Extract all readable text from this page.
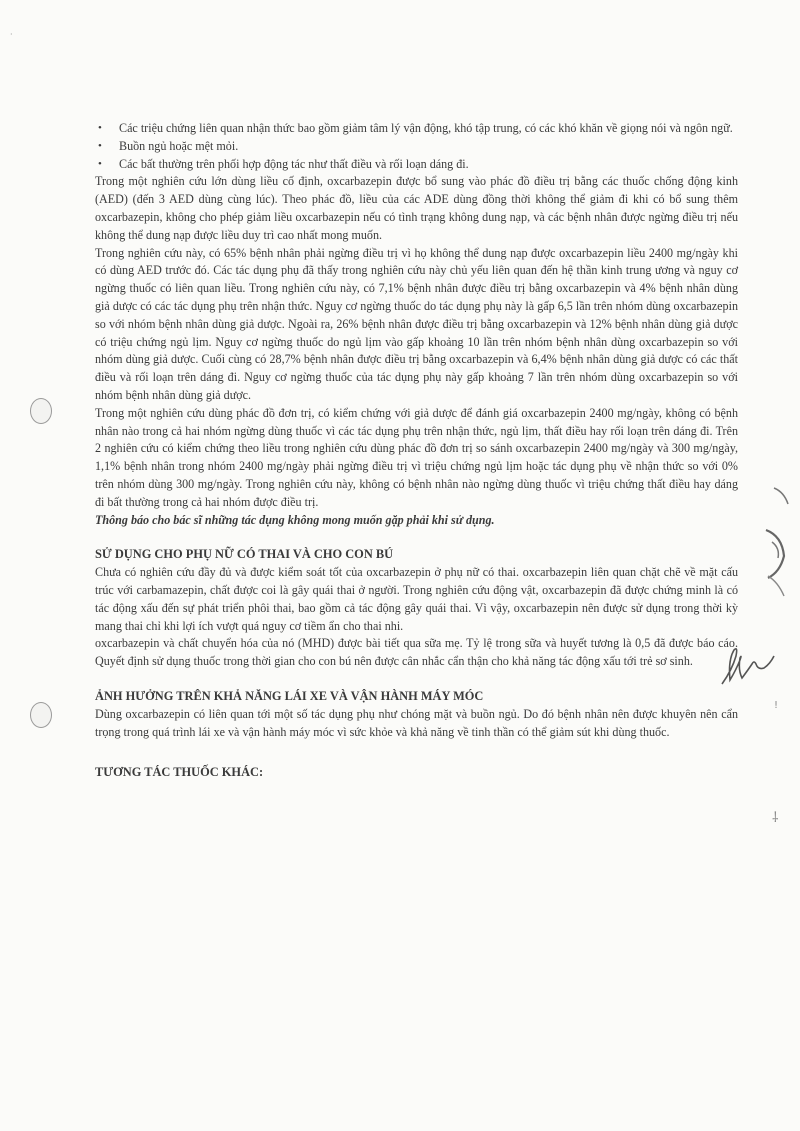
!
⸸
·
• Các triệu chứng liên quan nhận thức bao gồm giảm tâm lý vận động, khó tập trung, có các khó khăn về giọng nói và ngôn ngữ.
• Buồn ngủ hoặc mệt mỏi.
• Các bất thường trên phối hợp động tác như thất điều và rối loạn dáng đi.

Trong một nghiên cứu lớn dùng liều cố định, oxcarbazepin được bổ sung vào phác đồ điều trị bằng các thuốc chống động kinh (AED) (đến 3 AED dùng cùng lúc). Theo phác đồ, liều của các ADE dùng đồng thời không thể giảm đi khi có bổ sung thêm oxcarbazepin, không cho phép giảm liều oxcarbazepin nếu có tình trạng không dung nạp, và các bệnh nhân được ngừng điều trị nếu không thể dung nạp được liều duy trì cao nhất mong muốn.

Trong nghiên cứu này, có 65% bệnh nhân phải ngừng điều trị vì họ không thể dung nạp được oxcarbazepin liều 2400 mg/ngày khi có dùng AED trước đó. Các tác dụng phụ đã thấy trong nghiên cứu này chủ yếu liên quan đến hệ thần kinh trung ương và nguy cơ ngừng thuốc có liên quan liều. Trong nghiên cứu này, có 7,1% bệnh nhân được điều trị bằng oxcarbazepin và 4% bệnh nhân dùng giả dược có các tác dụng phụ trên nhận thức. Nguy cơ ngừng thuốc do tác dụng phụ này là gấp 6,5 lần trên nhóm dùng oxcarbazepin so với nhóm bệnh nhân dùng giả dược. Ngoài ra, 26% bệnh nhân được điều trị bằng oxcarbazepin và 12% bệnh nhân dùng giả dược có triệu chứng ngủ lịm. Nguy cơ ngừng thuốc do ngủ lịm vào gấp khoảng 10 lần trên nhóm bệnh nhân dùng oxcarbazepin so với nhóm dùng giả dược. Cuối cùng có 28,7% bệnh nhân được điều trị bằng oxcarbazepin và 6,4% bệnh nhân dùng giả dược có các thất điều và rối loạn trên dáng đi. Nguy cơ ngừng thuốc của tác dụng phụ này gấp khoảng 7 lần trên nhóm dùng oxcarbazepin so với nhóm bệnh nhân dùng giả dược.

Trong một nghiên cứu dùng phác đồ đơn trị, có kiểm chứng với giả dược để đánh giá oxcarbazepin 2400 mg/ngày, không có bệnh nhân nào trong cả hai nhóm ngừng dùng thuốc vì các tác dụng phụ trên nhận thức, ngủ lịm, thất điều hay rối loạn trên dáng đi. Trên 2 nghiên cứu có kiểm chứng theo liều trong nghiên cứu dùng phác đồ đơn trị so sánh oxcarbazepin 2400 mg/ngày và 300 mg/ngày, 1,1% bệnh nhân trong nhóm 2400 mg/ngày phải ngừng điều trị vì triệu chứng ngủ lịm hoặc tác dụng phụ về nhận thức so với 0% trên nhóm dùng 300 mg/ngày. Trong nghiên cứu này, không có bệnh nhân nào ngừng dùng thuốc vì triệu chứng thất điều hay dáng đi bất thường trong cả hai nhóm được điều trị.

Thông báo cho bác sĩ những tác dụng không mong muốn gặp phải khi sử dụng.

SỬ DỤNG CHO PHỤ NỮ CÓ THAI VÀ CHO CON BÚ

Chưa có nghiên cứu đầy đủ và được kiểm soát tốt của oxcarbazepin ở phụ nữ có thai. oxcarbazepin liên quan chặt chẽ về mặt cấu trúc với carbamazepin, chất được coi là gây quái thai ở người. Trong nghiên cứu động vật, oxcarbazepin đã được chứng minh là có tác động xấu đến sự phát triển phôi thai, bao gồm cả tác động gây quái thai. Vì vậy, oxcarbazepin nên được sử dụng trong thời kỳ mang thai chỉ khi lợi ích vượt quá nguy cơ tiềm ẩn cho thai nhi.

oxcarbazepin và chất chuyển hóa của nó (MHD) được bài tiết qua sữa mẹ. Tỷ lệ trong sữa và huyết tương là 0,5 đã được báo cáo. Quyết định sử dụng thuốc trong thời gian cho con bú nên được cân nhắc cẩn thận cho khả năng tác động xấu tới trẻ sơ sinh.

ẢNH HƯỞNG TRÊN KHẢ NĂNG LÁI XE VÀ VẬN HÀNH MÁY MÓC

Dùng oxcarbazepin có liên quan tới một số tác dụng phụ như chóng mặt và buồn ngủ. Do đó bệnh nhân nên được khuyên nên cẩn trọng trong quá trình lái xe và vận hành máy móc vì sức khỏe và khả năng về tinh thần có thể giảm sút khi dùng thuốc.

TƯƠNG TÁC THUỐC KHÁC:
